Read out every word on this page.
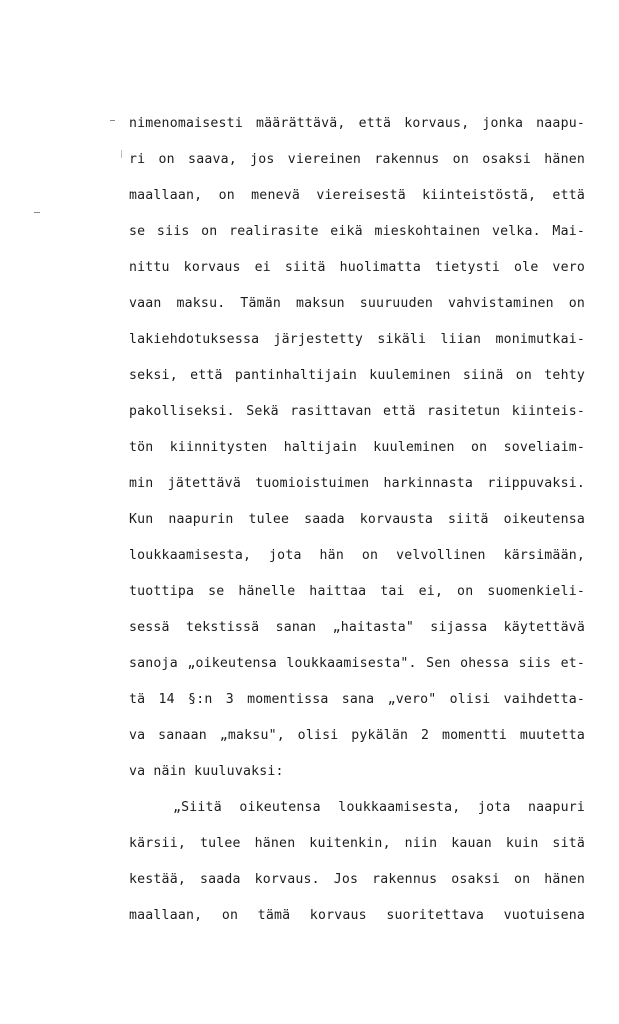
nimenomaisesti määrättävä, että korvaus, jonka naapu-
ri on saava, jos viereinen rakennus on osaksi hänen
maallaan, on menevä viereisestä kiinteistöstä, että
se siis on realirasite eikä mieskohtainen velka. Mai-
nittu korvaus ei siitä huolimatta tietysti ole vero
vaan maksu. Tämän maksun suuruuden vahvistaminen on
lakiehdotuksessa järjestetty sikäli liian monimutkai-
seksi, että pantinhaltijain kuuleminen siinä on tehty
pakolliseksi. Sekä rasittavan että rasitetun kiinteis-
tön kiinnitysten haltijain kuuleminen on soveliaim-
min jätettävä tuomioistuimen harkinnasta riippuvaksi.
Kun naapurin tulee saada korvausta siitä oikeutensa
loukkaamisesta, jota hän on velvollinen kärsimään,
tuottipa se hänelle haittaa tai ei, on suomenkieli-
sessä tekstissä sanan „haitasta" sijassa käytettävä
sanoja „oikeutensa loukkaamisesta". Sen ohessa siis et-
tä 14 §:n 3 momentissa sana „vero" olisi vaihdetta-
va sanaan „maksu", olisi pykälän 2 momentti muutetta
va näin kuuluvaksi:
„Siitä oikeutensa loukkaamisesta, jota naapuri
kärsii, tulee hänen kuitenkin, niin kauan kuin sitä
kestää, saada korvaus. Jos rakennus osaksi on hänen
maallaan, on tämä korvaus suoritettava vuotuisena
